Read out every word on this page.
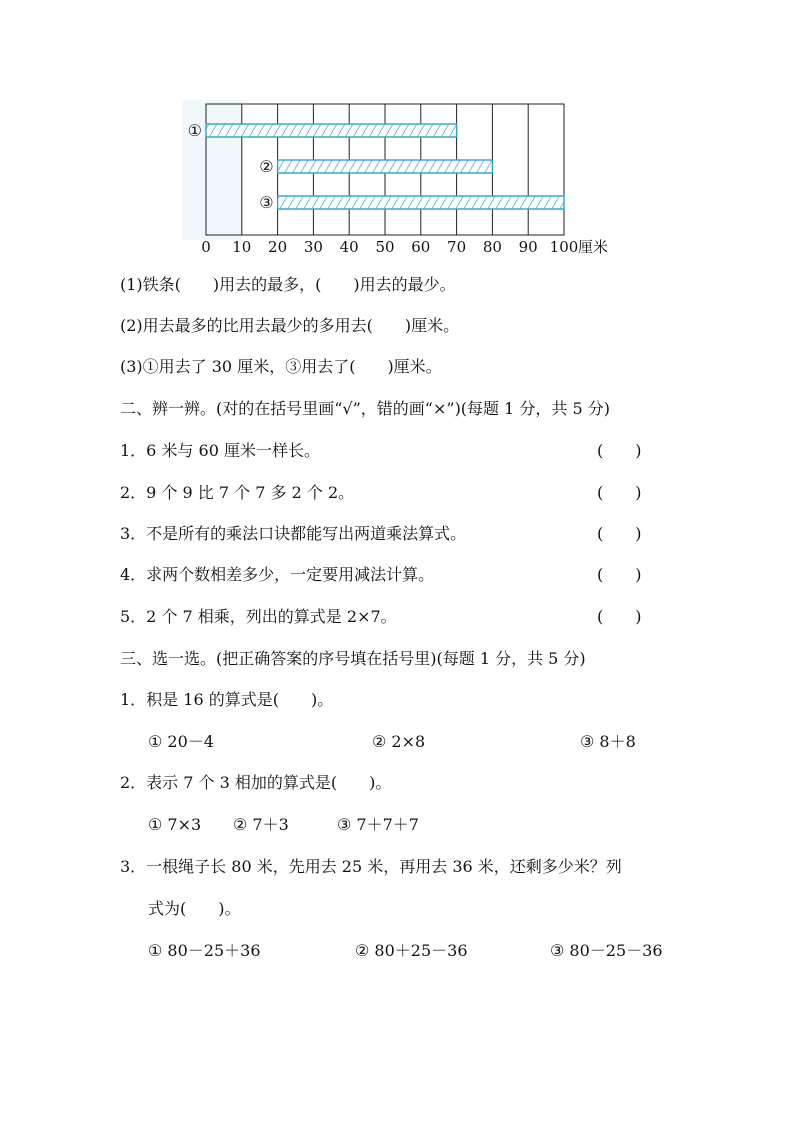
①
②
③
0 10 20 30 40 50 60 70 80 90 100 厘米
(1)铁条(　　)用去的最多，(　　)用去的最少。
(2)用去最多的比用去最少的多用去(　　)厘米。
(3)①用去了 30 厘米，③用去了(　　)厘米。
二、辨一辨。(对的在括号里画“√”，错的画“×”)(每题 1 分，共 5 分)
1．6 米与 60 厘米一样长。	(　　)
2．9 个 9 比 7 个 7 多 2 个 2。	(　　)
3．不是所有的乘法口诀都能写出两道乘法算式。	(　　)
4．求两个数相差多少，一定要用减法计算。	(　　)
5．2 个 7 相乘，列出的算式是 2×7。	(　　)
三、选一选。(把正确答案的序号填在括号里)(每题 1 分，共 5 分)
1．积是 16 的算式是(　　)。
① 20－4	② 2×8	③ 8＋8
2．表示 7 个 3 相加的算式是(　　)。
① 7×3 ② 7＋3	③ 7＋7＋7
3．一根绳子长 80 米，先用去 25 米，再用去 36 米，还剩多少米？列
式为(　　)。
① 80－25＋36	② 80＋25－36	③ 80－25－36
